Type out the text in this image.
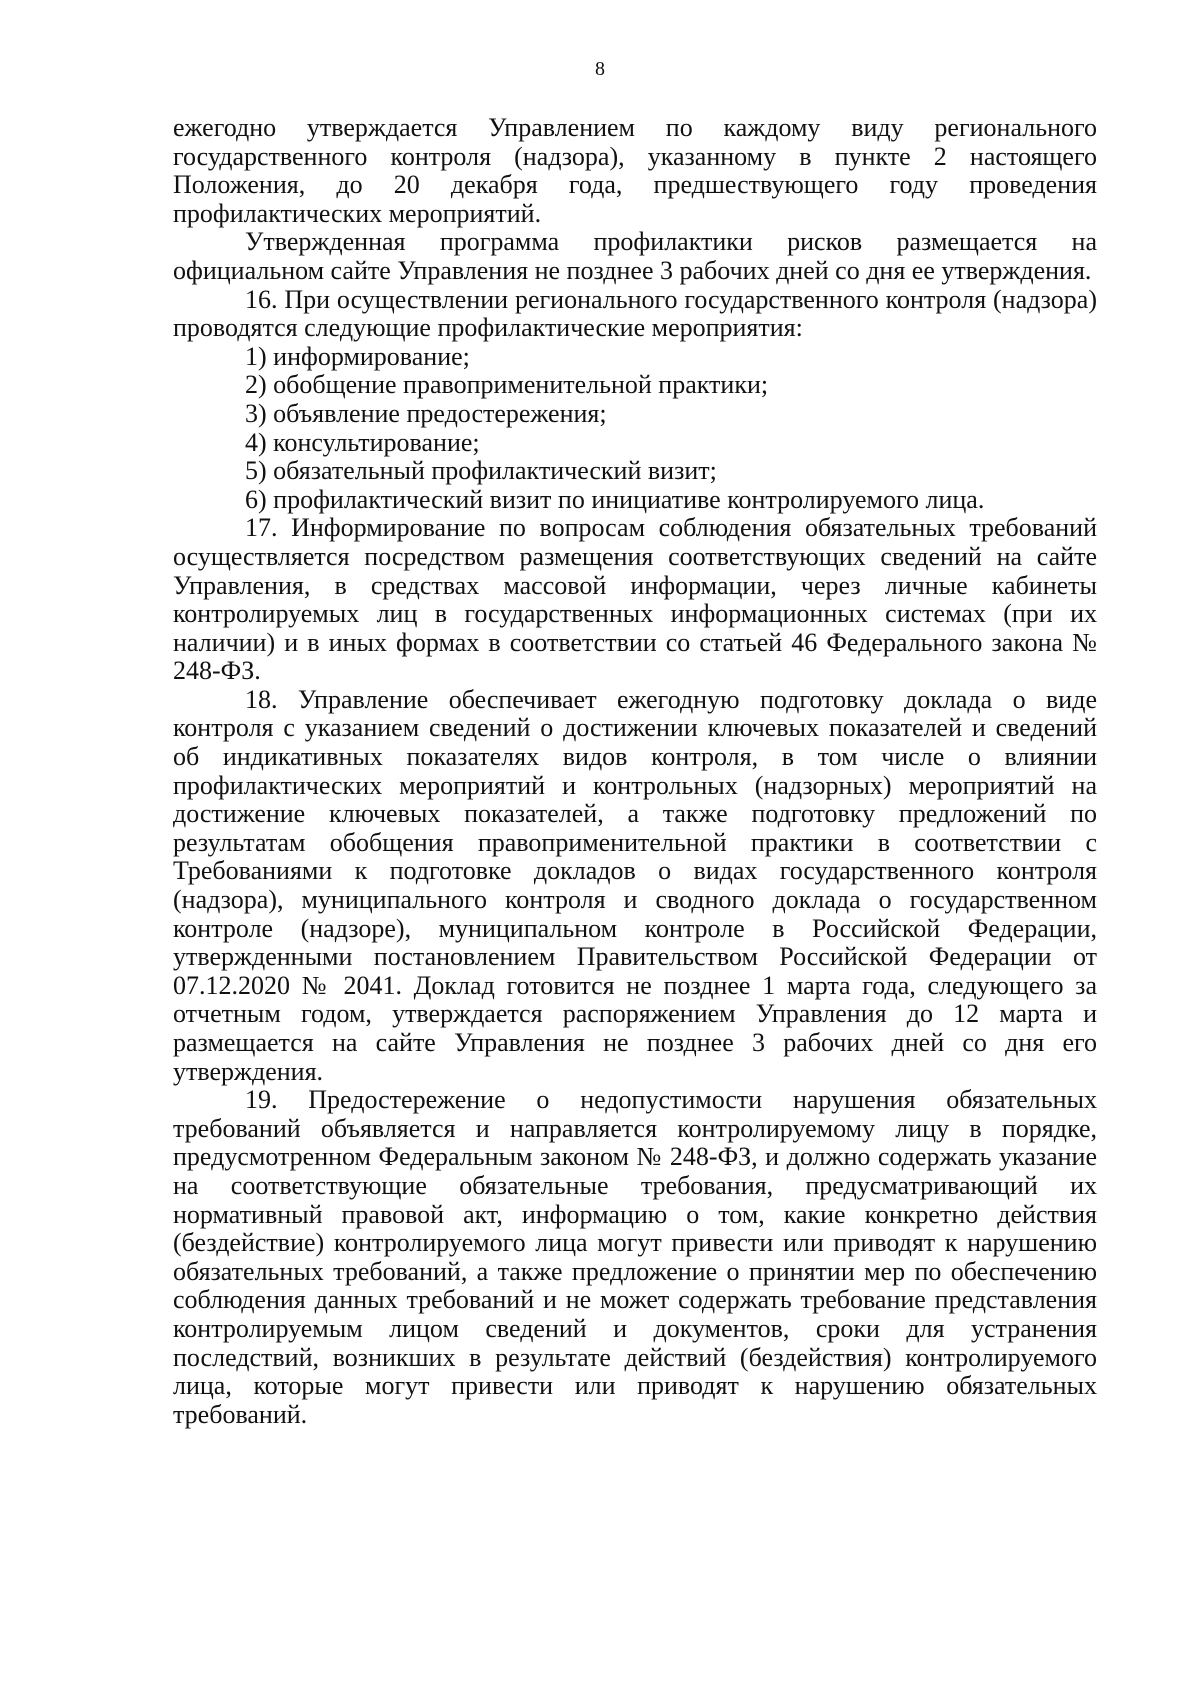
8

ежегодно утверждается Управлением по каждому виду регионального государственного контроля (надзора), указанному в пункте 2 настоящего Положения, до 20 декабря года, предшествующего году проведения профилактических мероприятий.

Утвержденная программа профилактики рисков размещается на официальном сайте Управления не позднее 3 рабочих дней со дня ее утверждения.

16. При осуществлении регионального государственного контроля (надзора) проводятся следующие профилактические мероприятия:

1) информирование;

2) обобщение правоприменительной практики;

3) объявление предостережения;

4) консультирование;

5) обязательный профилактический визит;

6) профилактический визит по инициативе контролируемого лица.

17. Информирование по вопросам соблюдения обязательных требований осуществляется посредством размещения соответствующих сведений на сайте Управления, в средствах массовой информации, через личные кабинеты контролируемых лиц в государственных информационных системах (при их наличии) и в иных формах в соответствии со статьей 46 Федерального закона № 248-ФЗ.

18. Управление обеспечивает ежегодную подготовку доклада о виде контроля с указанием сведений о достижении ключевых показателей и сведений об индикативных показателях видов контроля, в том числе о влиянии профилактических мероприятий и контрольных (надзорных) мероприятий на достижение ключевых показателей, а также подготовку предложений по результатам обобщения правоприменительной практики в соответствии с Требованиями к подготовке докладов о видах государственного контроля (надзора), муниципального контроля и сводного доклада о государственном контроле (надзоре), муниципальном контроле в Российской Федерации, утвержденными постановлением Правительством Российской Федерации от 07.12.2020 № 2041. Доклад готовится не позднее 1 марта года, следующего за отчетным годом, утверждается распоряжением Управления до 12 марта и размещается на сайте Управления не позднее 3 рабочих дней со дня его утверждения.

19. Предостережение о недопустимости нарушения обязательных требований объявляется и направляется контролируемому лицу в порядке, предусмотренном Федеральным законом № 248-ФЗ, и должно содержать указание на соответствующие обязательные требования, предусматривающий их нормативный правовой акт, информацию о том, какие конкретно действия (бездействие) контролируемого лица могут привести или приводят к нарушению обязательных требований, а также предложение о принятии мер по обеспечению соблюдения данных требований и не может содержать требование представления контролируемым лицом сведений и документов, сроки для устранения последствий, возникших в результате действий (бездействия) контролируемого лица, которые могут привести или приводят к нарушению обязательных требований.
